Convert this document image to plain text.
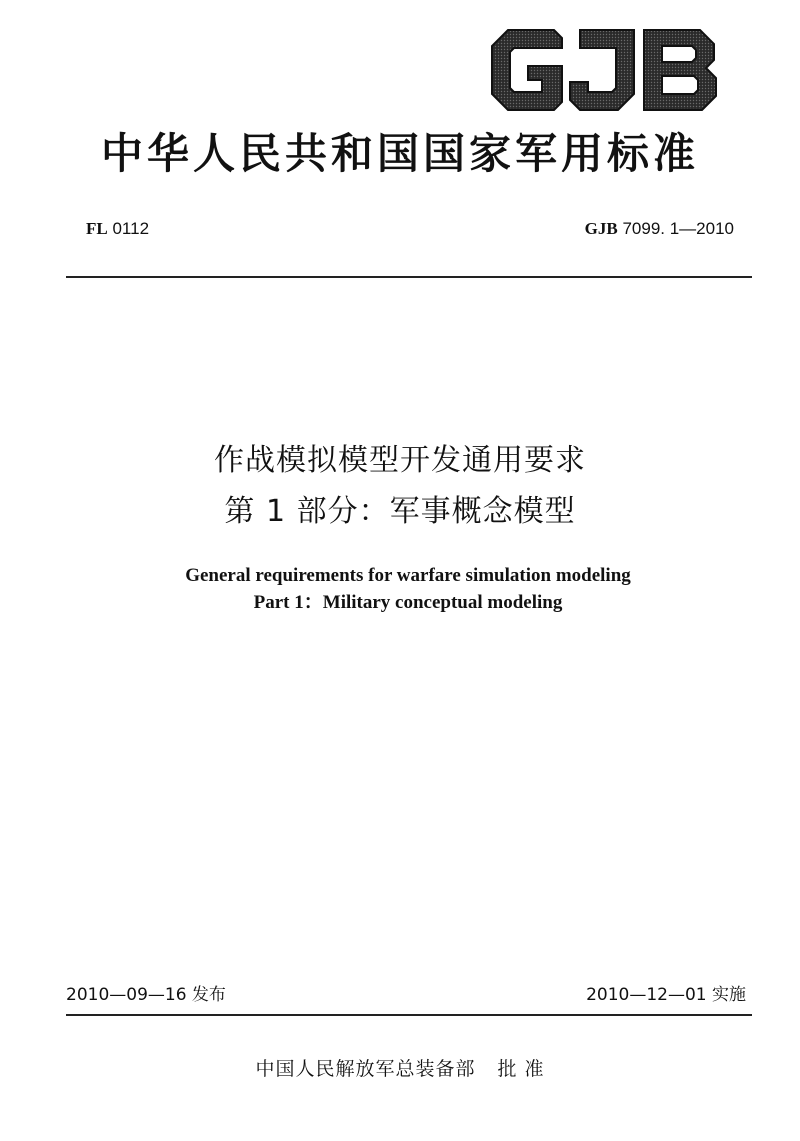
中华人民共和国国家军用标准
FL 0112	GJB 7099. 1—2010
作战模拟模型开发通用要求
第 1 部分：军事概念模型
General requirements for warfare simulation modeling
Part 1：Military conceptual modeling
2010—09—16 发布	2010—12—01 实施
中国人民解放军总装备部 批 准
